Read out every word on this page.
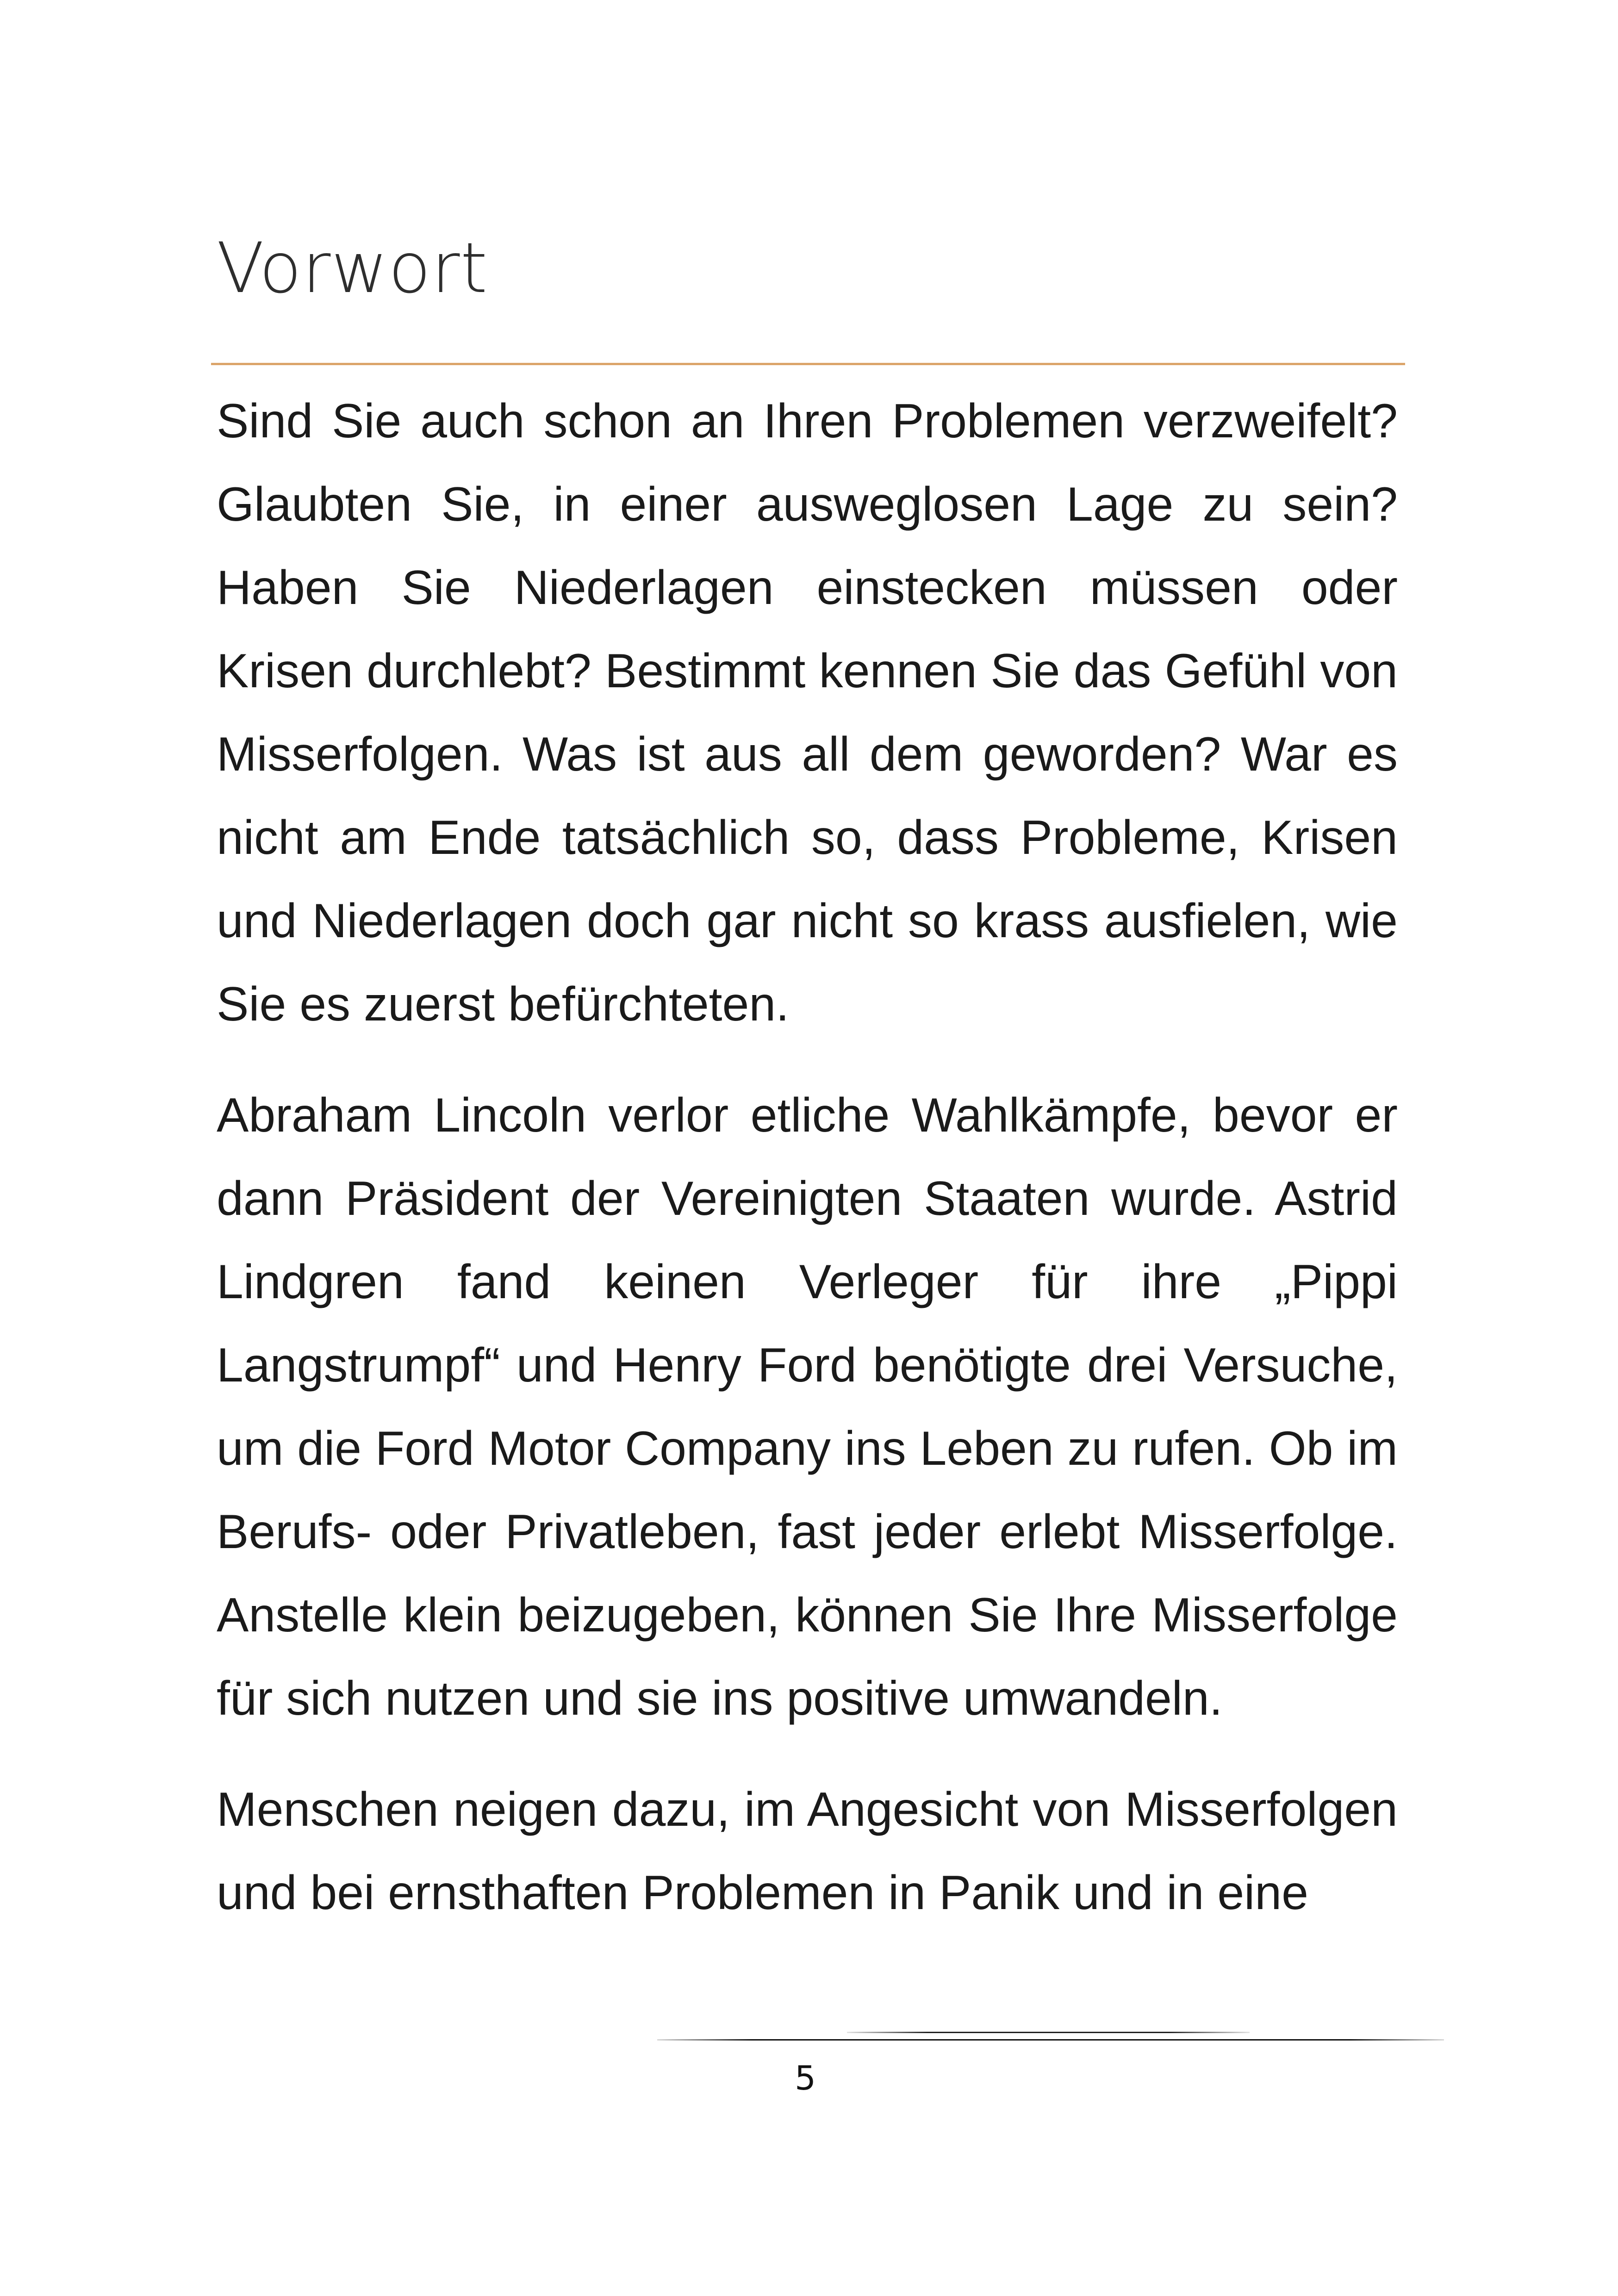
Vorwort

Sind Sie auch schon an Ihren Problemen verzweifelt? Glaubten Sie, in einer ausweglosen Lage zu sein? Haben Sie Niederlagen einstecken müssen oder Krisen durchlebt? Bestimmt kennen Sie das Gefühl von Misserfolgen. Was ist aus all dem geworden? War es nicht am Ende tatsächlich so, dass Probleme, Krisen und Niederlagen doch gar nicht so krass ausfielen, wie Sie es zuerst befürchteten.

Abraham Lincoln verlor etliche Wahlkämpfe, bevor er dann Präsident der Vereinigten Staaten wurde. Astrid Lindgren fand keinen Verleger für ihre „Pippi Langstrumpf“ und Henry Ford benötigte drei Versuche, um die Ford Motor Company ins Leben zu rufen. Ob im Berufs- oder Privatleben, fast jeder erlebt Misserfolge. Anstelle klein beizugeben, können Sie Ihre Misserfolge für sich nutzen und sie ins positive umwandeln.

Menschen neigen dazu, im Angesicht von Misserfolgen und bei ernsthaften Problemen in Panik und in eine

5
